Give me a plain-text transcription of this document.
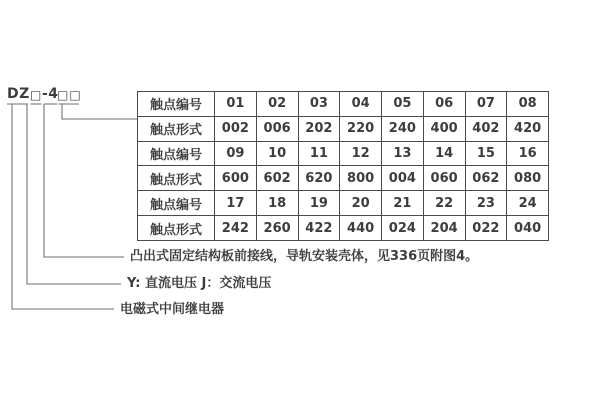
DZ □ -4
□□
触点编号	01	02	03	04	05	06	07	08
触点形式	002	006	202	220	240	400	402	420
触点编号	09	10	11	12	13	14	15	16
触点形式	600	602	620	800	004	060	062	080
触点编号	17	18	19	20	21	22	23	24
触点形式	242	260	422	440	024	204	022	040
凸出式固定结构板前接线，导轨安装壳体，见336页附图4。
Y: 直流电压 J：交流电压
电磁式中间继电器
